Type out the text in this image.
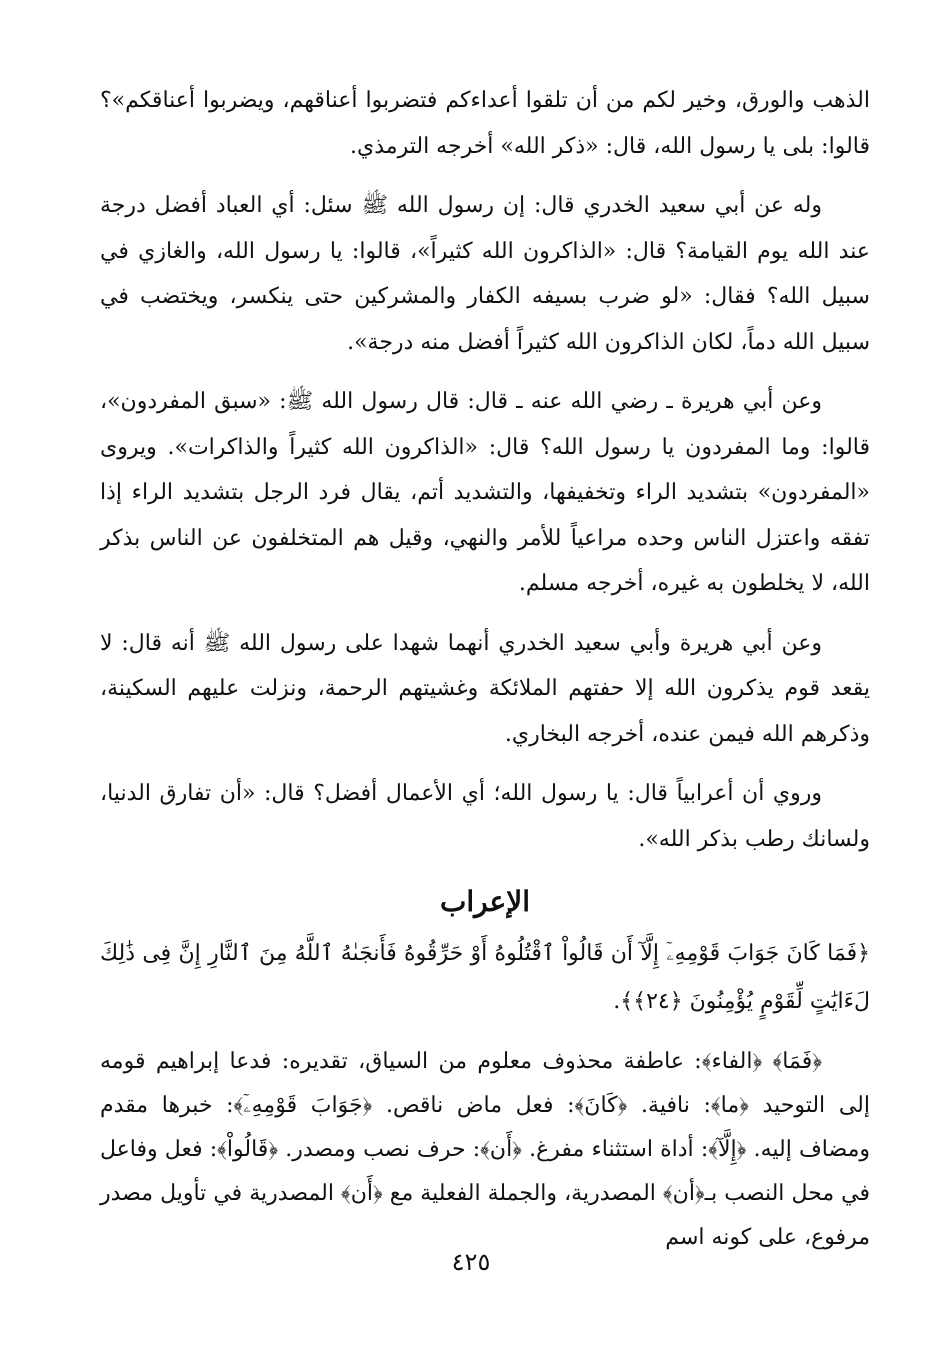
الذهب والورق، وخير لكم من أن تلقوا أعداءكم فتضربوا أعناقهم، ويضربوا أعناقكم»؟ قالوا: بلى يا رسول الله، قال: «ذكر الله» أخرجه الترمذي.

وله عن أبي سعيد الخدري قال: إن رسول الله ﷺ سئل: أي العباد أفضل درجة عند الله يوم القيامة؟ قال: «الذاكرون الله كثيراً»، قالوا: يا رسول الله، والغازي في سبيل الله؟ فقال: «لو ضرب بسيفه الكفار والمشركين حتى ينكسر، ويختضب في سبيل الله دماً، لكان الذاكرون الله كثيراً أفضل منه درجة».

وعن أبي هريرة ـ رضي الله عنه ـ قال: قال رسول الله ﷺ: «سبق المفردون»، قالوا: وما المفردون يا رسول الله؟ قال: «الذاكرون الله كثيراً والذاكرات». ويروى «المفردون» بتشديد الراء وتخفيفها، والتشديد أتم، يقال فرد الرجل بتشديد الراء إذا تفقه واعتزل الناس وحده مراعياً للأمر والنهي، وقيل هم المتخلفون عن الناس بذكر الله، لا يخلطون به غيره، أخرجه مسلم.

وعن أبي هريرة وأبي سعيد الخدري أنهما شهدا على رسول الله ﷺ أنه قال: لا يقعد قوم يذكرون الله إلا حفتهم الملائكة وغشيتهم الرحمة، ونزلت عليهم السكينة، وذكرهم الله فيمن عنده، أخرجه البخاري.

وروي أن أعرابياً قال: يا رسول الله؛ أي الأعمال أفضل؟ قال: «أن تفارق الدنيا، ولسانك رطب بذكر الله».

الإعراب

﴿فَمَا كَانَ جَوَابَ قَوْمِهِۦٓ إِلَّآ أَن قَالُواْ ٱقْتُلُوهُ أَوْ حَرِّقُوهُ فَأَنجَىٰهُ ٱللَّهُ مِنَ ٱلنَّارِ إِنَّ فِى ذَٰلِكَ لَءَايَٰتٍ لِّقَوْمٍ يُؤْمِنُونَ ﴿٢٤﴾﴾.

﴿فَمَا﴾ ﴿الفاء﴾: عاطفة محذوف معلوم من السياق، تقديره: فدعا إبراهيم قومه إلى التوحيد ﴿ما﴾: نافية. ﴿كَانَ﴾: فعل ماض ناقص. ﴿جَوَابَ قَوْمِهِۦٓ﴾: خبرها مقدم ومضاف إليه. ﴿إِلَّآ﴾: أداة استثناء مفرغ. ﴿أَن﴾: حرف نصب ومصدر. ﴿قَالُواْ﴾: فعل وفاعل في محل النصب بـ﴿أن﴾ المصدرية، والجملة الفعلية مع ﴿أَن﴾ المصدرية في تأويل مصدر مرفوع، على كونه اسم

٤٢٥
